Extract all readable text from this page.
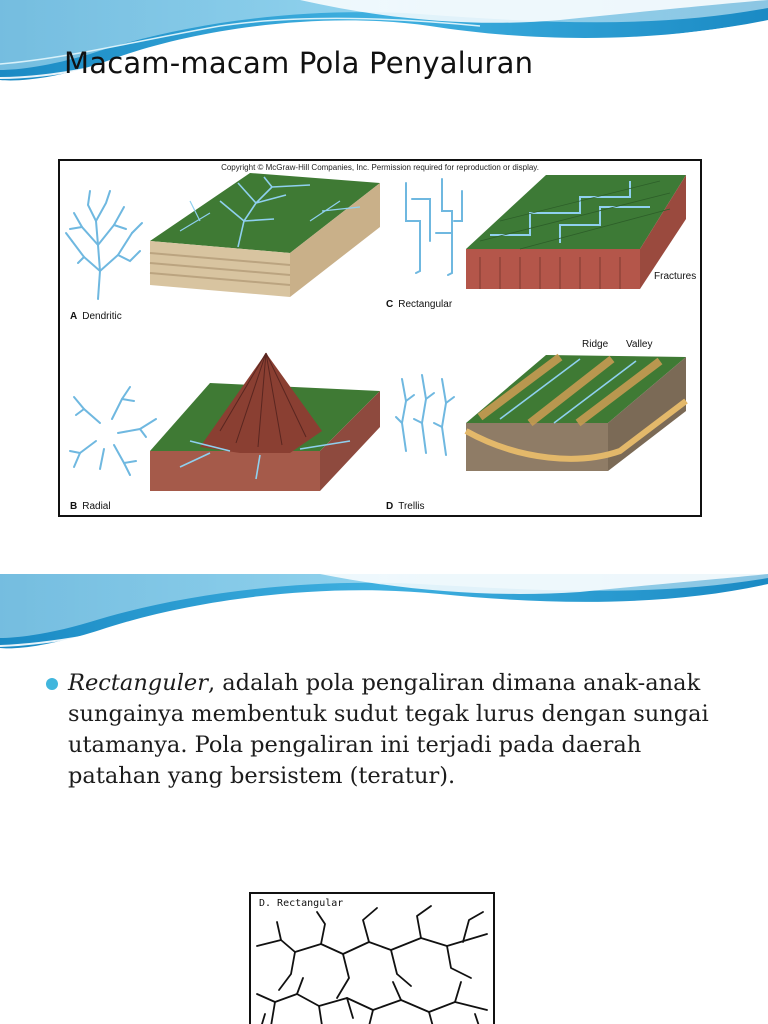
Macam-macam Pola Penyaluran
Copyright © McGraw-Hill Companies, Inc. Permission required for reproduction or display.
A Dendritic
B Radial
C Rectangular
D Trellis
Fractures
Ridge Valley
Rectanguler, adalah pola pengaliran dimana anak-anak sungainya membentuk sudut tegak lurus dengan sungai utamanya. Pola pengaliran ini terjadi pada daerah patahan yang bersistem (teratur).
D. Rectangular
